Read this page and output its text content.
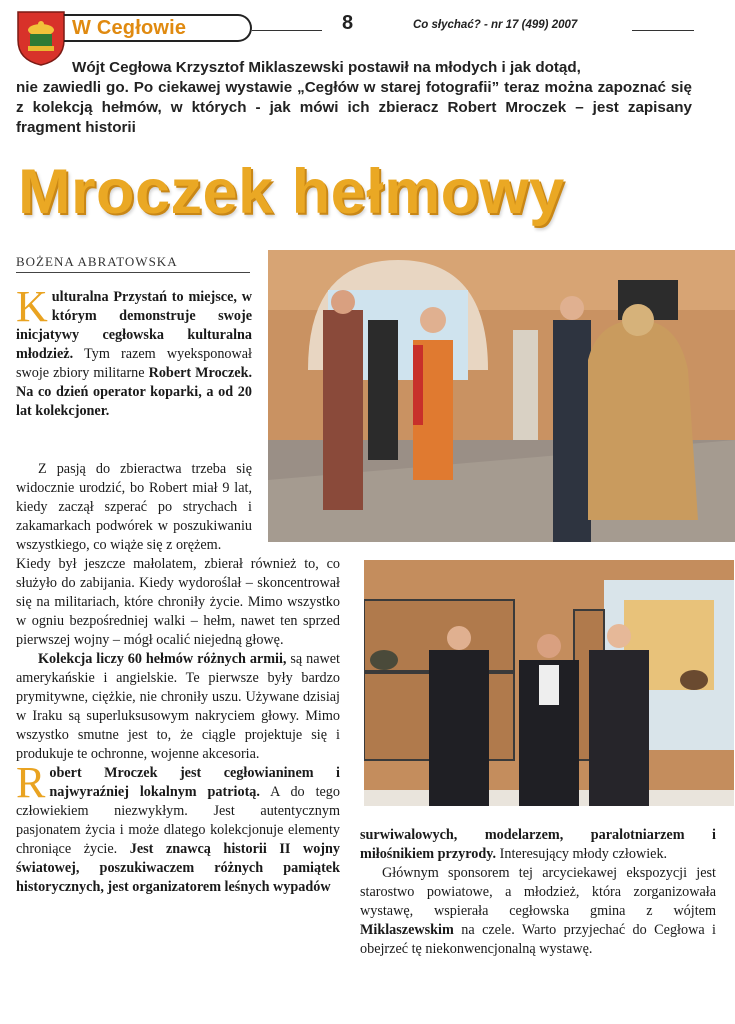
W Cegłowie	8	Co słychać? - nr 17 (499) 2007
Wójt Cegłowa Krzysztof Miklaszewski postawił na młodych i jak dotąd,
nie zawiedli go. Po ciekawej wystawie „Cegłów w starej fotografii” teraz można zapoznać się z kolekcją hełmów, w których - jak mówi ich zbieracz Robert Mroczek – jest zapisany fragment historii
Mroczek hełmowy
BOŻENA ABRATOWSKA

Kulturalna Przystań to miejsce, w którym demonstruje swoje inicjatywy cegłowska kulturalna młodzież. Tym razem wyeksponował swoje zbiory militarne Robert Mroczek. Na co dzień operator koparki, a od 20 lat kolekcjoner.

Z pasją do zbieractwa trzeba się widocznie urodzić, bo Robert miał 9 lat, kiedy zaczął szperać po strychach i zakamarkach podwórek w poszukiwaniu wszystkiego, co wiąże się z orężem.

Kiedy był jeszcze małolatem, zbierał również to, co służyło do zabijania. Kiedy wydoroślał – skoncentrował się na militariach, które chroniły życie. Mimo wszystko w ogniu bezpośredniej walki – hełm, nawet ten sprzed pierwszej wojny – mógł ocalić niejedną głowę.

Kolekcja liczy 60 hełmów różnych armii, są nawet amerykańskie i angielskie. Te pierwsze były bardzo prymitywne, ciężkie, nie chroniły uszu. Używane dzisiaj w Iraku są superluksusowym nakryciem głowy. Mimo wszystko smutne jest to, że ciągle projektuje się i produkuje te ochronne, wojenne akcesoria.

Robert Mroczek jest cegłowianinem i najwyraźniej lokalnym patriotą. A do tego człowiekiem niezwykłym. Jest autentycznym pasjonatem życia i może dlatego kolekcjonuje elementy chroniące życie. Jest znawcą historii II wojny światowej, poszukiwaczem różnych pamiątek historycznych, jest organizatorem leśnych wypadów

surwiwalowych, modelarzem, paralotniarzem i miłośnikiem przyrody. Interesujący młody człowiek.

Głównym sponsorem tej arcyciekawej ekspozycji jest starostwo powiatowe, a młodzież, która zorganizowała wystawę, wspierała cegłowska gmina z wójtem Miklaszewskim na czele. Warto przyjechać do Cegłowa i obejrzeć tę niekonwencjonalną wystawę.
